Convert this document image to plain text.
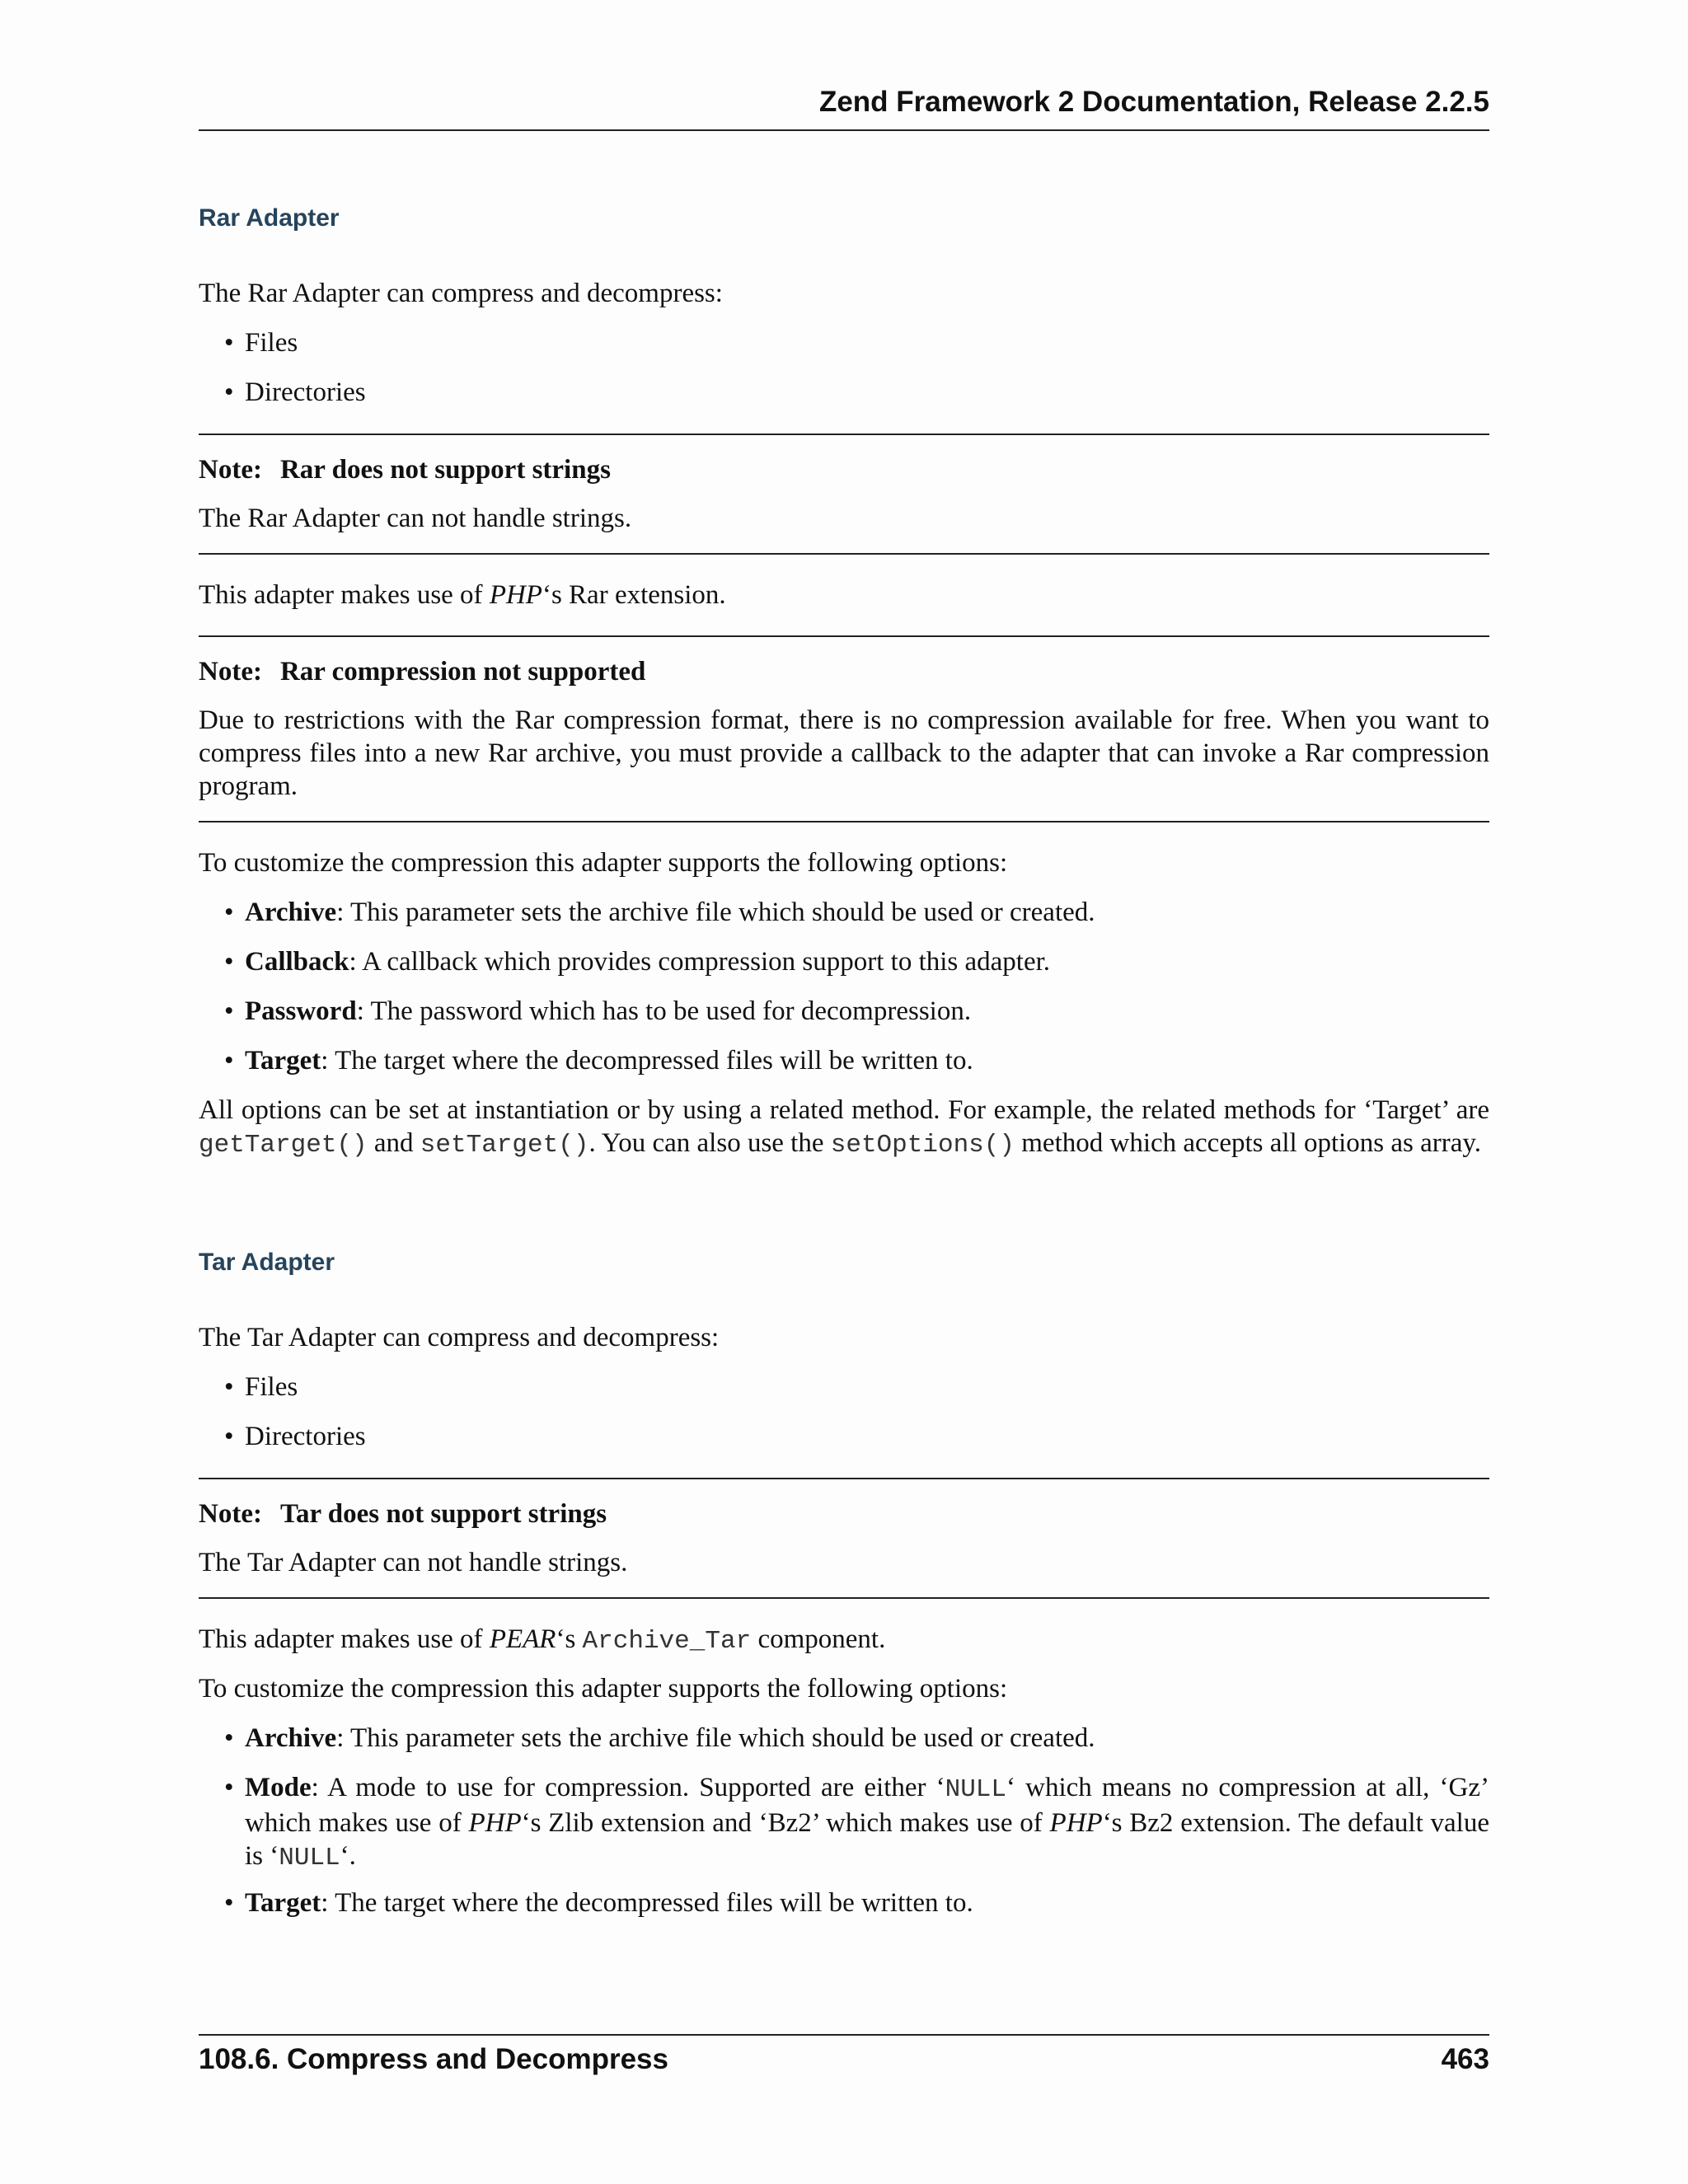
Zend Framework 2 Documentation, Release 2.2.5
Rar Adapter

The Rar Adapter can compress and decompress:

•
Files
•
Directories
Note: Rar does not support strings

The Rar Adapter can not handle strings.

This adapter makes use of PHP‘s Rar extension.

Note: Rar compression not supported

Due to restrictions with the Rar compression format, there is no compression available for free. When you want to compress files into a new Rar archive, you must provide a callback to the adapter that can invoke a Rar compression program.

To customize the compression this adapter supports the following options:

•
Archive: This parameter sets the archive file which should be used or created.
•
Callback: A callback which provides compression support to this adapter.
•
Password: The password which has to be used for decompression.
•
Target: The target where the decompressed files will be written to.

All options can be set at instantiation or by using a related method. For example, the related methods for ‘Target’ are getTarget() and setTarget(). You can also use the setOptions() method which accepts all options as array.

Tar Adapter

The Tar Adapter can compress and decompress:

•
Files
•
Directories
Note: Tar does not support strings

The Tar Adapter can not handle strings.

This adapter makes use of PEAR‘s Archive_Tar component.

To customize the compression this adapter supports the following options:

•
Archive: This parameter sets the archive file which should be used or created.
•
Mode: A mode to use for compression. Supported are either ‘NULL‘ which means no compression at all, ‘Gz’ which makes use of PHP‘s Zlib extension and ‘Bz2’ which makes use of PHP‘s Bz2 extension. The default value is ‘NULL‘.
•
Target: The target where the decompressed files will be written to.
108.6. Compress and Decompress	463
